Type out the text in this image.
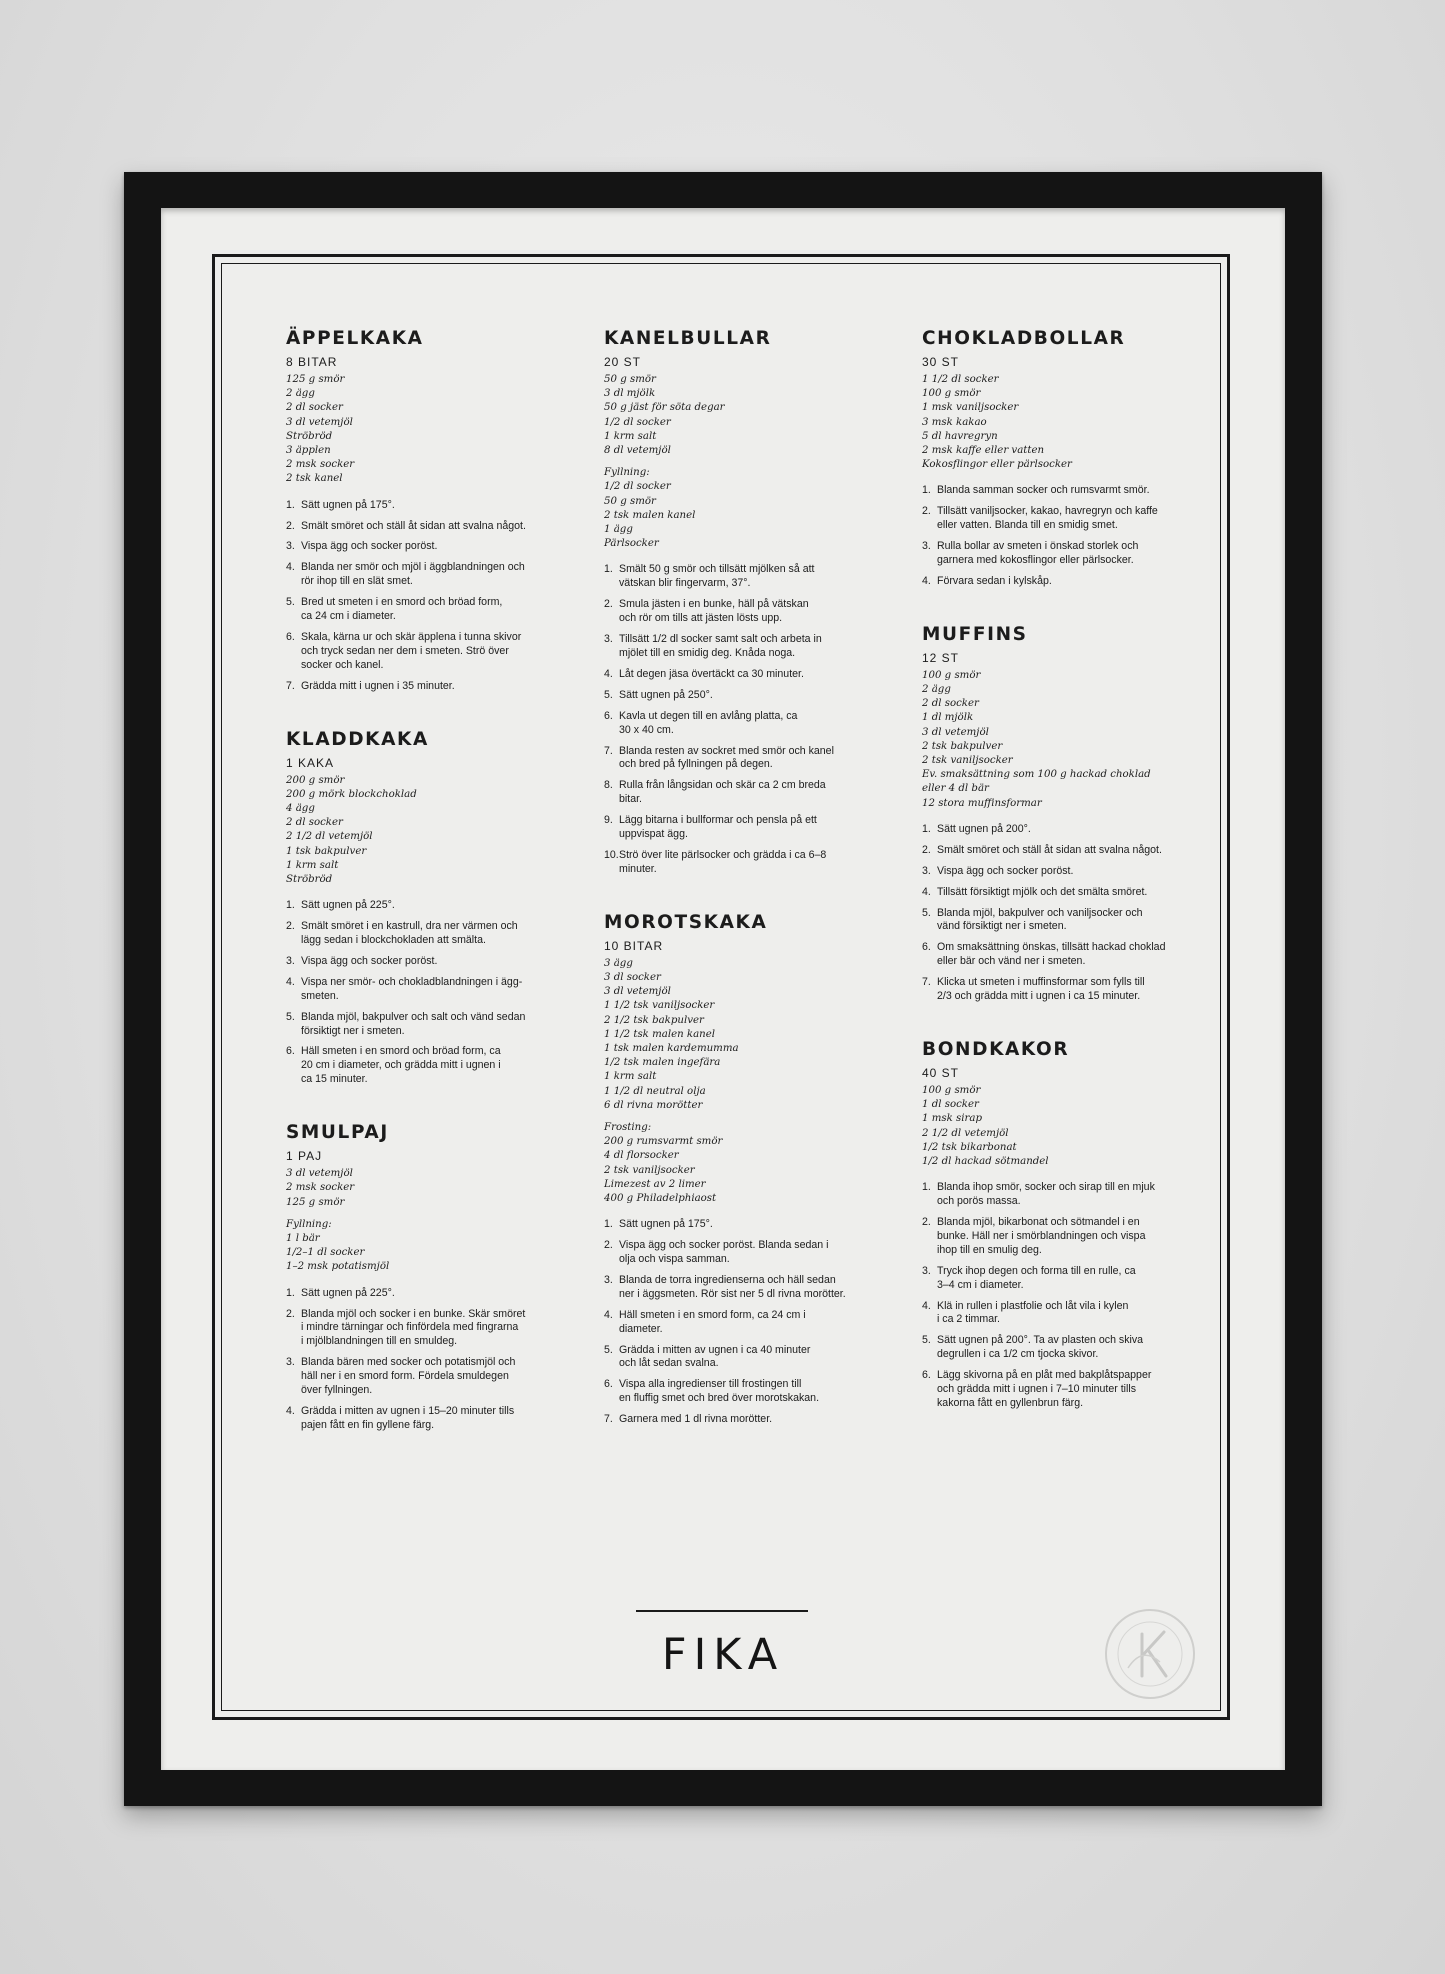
ÄPPELKAKA
8 BITAR
125 g smör
2 ägg
2 dl socker
3 dl vetemjöl
Ströbröd
3 äpplen
2 msk socker
2 tsk kanel
1. Sätt ugnen på 175°.
2. Smält smöret och ställ åt sidan att svalna något.
3. Vispa ägg och socker poröst.
4. Blanda ner smör och mjöl i äggblandningen och
rör ihop till en slät smet.
5. Bred ut smeten i en smord och bröad form,
ca 24 cm i diameter.
6. Skala, kärna ur och skär äpplena i tunna skivor
och tryck sedan ner dem i smeten. Strö över
socker och kanel.
7. Grädda mitt i ugnen i 35 minuter.
KLADDKAKA
1 KAKA
200 g smör
200 g mörk blockchoklad
4 ägg
2 dl socker
2 1/2 dl vetemjöl
1 tsk bakpulver
1 krm salt
Ströbröd
1. Sätt ugnen på 225°.
2. Smält smöret i en kastrull, dra ner värmen och
lägg sedan i blockchokladen att smälta.
3. Vispa ägg och socker poröst.
4. Vispa ner smör- och chokladblandningen i ägg-
smeten.
5. Blanda mjöl, bakpulver och salt och vänd sedan
försiktigt ner i smeten.
6. Häll smeten i en smord och bröad form, ca
20 cm i diameter, och grädda mitt i ugnen i
ca 15 minuter.
SMULPAJ
1 PAJ
3 dl vetemjöl
2 msk socker
125 g smör
Fyllning:
1 l bär
1/2–1 dl socker
1–2 msk potatismjöl
1. Sätt ugnen på 225°.
2. Blanda mjöl och socker i en bunke. Skär smöret
i mindre tärningar och finfördela med fingrarna
i mjölblandningen till en smuldeg.
3. Blanda bären med socker och potatismjöl och
häll ner i en smord form. Fördela smuldegen
över fyllningen.
4. Grädda i mitten av ugnen i 15–20 minuter tills
pajen fått en fin gyllene färg.
KANELBULLAR
20 ST
50 g smör
3 dl mjölk
50 g jäst för söta degar
1/2 dl socker
1 krm salt
8 dl vetemjöl
Fyllning:
1/2 dl socker
50 g smör
2 tsk malen kanel
1 ägg
Pärlsocker
1. Smält 50 g smör och tillsätt mjölken så att
vätskan blir fingervarm, 37°.
2. Smula jästen i en bunke, häll på vätskan
och rör om tills att jästen lösts upp.
3. Tillsätt 1/2 dl socker samt salt och arbeta in
mjölet till en smidig deg. Knåda noga.
4. Låt degen jäsa övertäckt ca 30 minuter.
5. Sätt ugnen på 250°.
6. Kavla ut degen till en avlång platta, ca
30 x 40 cm.
7. Blanda resten av sockret med smör och kanel
och bred på fyllningen på degen.
8. Rulla från långsidan och skär ca 2 cm breda
bitar.
9. Lägg bitarna i bullformar och pensla på ett
uppvispat ägg.
10. Strö över lite pärlsocker och grädda i ca 6–8
minuter.
MOROTSKAKA
10 BITAR
3 ägg
3 dl socker
3 dl vetemjöl
1 1/2 tsk vaniljsocker
2 1/2 tsk bakpulver
1 1/2 tsk malen kanel
1 tsk malen kardemumma
1/2 tsk malen ingefära
1 krm salt
1 1/2 dl neutral olja
6 dl rivna morötter
Frosting:
200 g rumsvarmt smör
4 dl florsocker
2 tsk vaniljsocker
Limezest av 2 limer
400 g Philadelphiaost
1. Sätt ugnen på 175°.
2. Vispa ägg och socker poröst. Blanda sedan i
olja och vispa samman.
3. Blanda de torra ingredienserna och häll sedan
ner i äggsmeten. Rör sist ner 5 dl rivna morötter.
4. Häll smeten i en smord form, ca 24 cm i
diameter.
5. Grädda i mitten av ugnen i ca 40 minuter
och låt sedan svalna.
6. Vispa alla ingredienser till frostingen till
en fluffig smet och bred över morotskakan.
7. Garnera med 1 dl rivna morötter.
CHOKLADBOLLAR
30 ST
1 1/2 dl socker
100 g smör
1 msk vaniljsocker
3 msk kakao
5 dl havregryn
2 msk kaffe eller vatten
Kokosflingor eller pärlsocker
1. Blanda samman socker och rumsvarmt smör.
2. Tillsätt vaniljsocker, kakao, havregryn och kaffe
eller vatten. Blanda till en smidig smet.
3. Rulla bollar av smeten i önskad storlek och
garnera med kokosflingor eller pärlsocker.
4. Förvara sedan i kylskåp.
MUFFINS
12 ST
100 g smör
2 ägg
2 dl socker
1 dl mjölk
3 dl vetemjöl
2 tsk bakpulver
2 tsk vaniljsocker
Ev. smaksättning som 100 g hackad choklad
eller 4 dl bär
12 stora muffinsformar
1. Sätt ugnen på 200°.
2. Smält smöret och ställ åt sidan att svalna något.
3. Vispa ägg och socker poröst.
4. Tillsätt försiktigt mjölk och det smälta smöret.
5. Blanda mjöl, bakpulver och vaniljsocker och
vänd försiktigt ner i smeten.
6. Om smaksättning önskas, tillsätt hackad choklad
eller bär och vänd ner i smeten.
7. Klicka ut smeten i muffinsformar som fylls till
2/3 och grädda mitt i ugnen i ca 15 minuter.
BONDKAKOR
40 ST
100 g smör
1 dl socker
1 msk sirap
2 1/2 dl vetemjöl
1/2 tsk bikarbonat
1/2 dl hackad sötmandel
1. Blanda ihop smör, socker och sirap till en mjuk
och porös massa.
2. Blanda mjöl, bikarbonat och sötmandel i en
bunke. Häll ner i smörblandningen och vispa
ihop till en smulig deg.
3. Tryck ihop degen och forma till en rulle, ca
3–4 cm i diameter.
4. Klä in rullen i plastfolie och låt vila i kylen
i ca 2 timmar.
5. Sätt ugnen på 200°. Ta av plasten och skiva
degrullen i ca 1/2 cm tjocka skivor.
6. Lägg skivorna på en plåt med bakplåtspapper
och grädda mitt i ugnen i 7–10 minuter tills
kakorna fått en gyllenbrun färg.
FIKA
